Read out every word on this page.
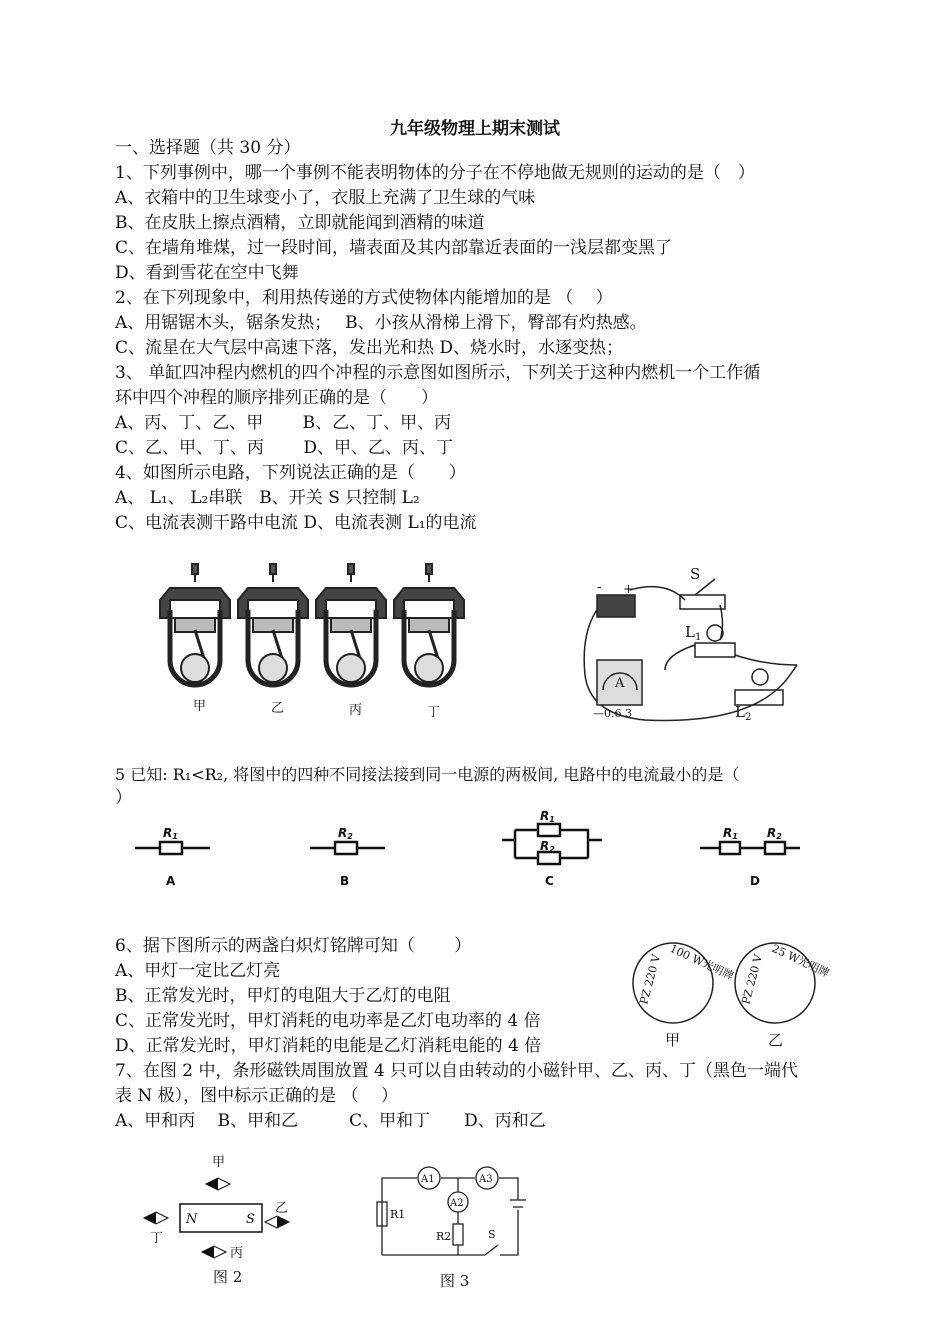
九年级物理上期末测试
一、选择题（共 30 分）
1、下列事例中，哪一个事例不能表明物体的分子在不停地做无规则的运动的是（　）
A、衣箱中的卫生球变小了，衣服上充满了卫生球的气味
B、在皮肤上擦点酒精，立即就能闻到酒精的味道
C、在墙角堆煤，过一段时间，墙表面及其内部靠近表面的一浅层都变黑了
D、看到雪花在空中飞舞
2、在下列现象中，利用热传递的方式使物体内能增加的是 （　 ）
A、用锯锯木头，锯条发热；　 B、小孩从滑梯上滑下，臀部有灼热感。
C、流星在大气层中高速下落，发出光和热 D、烧水时，水逐变热；
3、 单缸四冲程内燃机的四个冲程的示意图如图所示，下列关于这种内燃机一个工作循
环中四个冲程的顺序排列正确的是（　　）
A、丙、丁、乙、甲　　 B、乙、丁、甲、丙
C、乙、甲、丁、丙　　 D、甲、乙、丙、丁
4、如图所示电路，下列说法正确的是（　　）
A、 L₁、 L₂串联　B、开关 S 只控制 L₂
C、电流表测干路中电流 D、电流表测 L₁的电流
甲	乙	丙	丁
- +
S
$L_1$
$L_2$
A
—0.6 3
5 已知: R₁<R₂, 将图中的四种不同接法接到同一电源的两极间, 电路中的电流最小的是（
）
R1	R2
R1
R2
R1 R2
A	B	C	D
6、据下图所示的两盏白炽灯铭牌可知（　　 ）
A、甲灯一定比乙灯亮
B、正常发光时，甲灯的电阻大于乙灯的电阻
C、正常发光时，甲灯消耗的电功率是乙灯电功率的 4 倍
D、正常发光时，甲灯消耗的电能是乙灯消耗电能的 4 倍
PZ 220 V 100 W光明牌 PZ 220 V 25 W光明牌
甲	乙
7、在图 2 中，条形磁铁周围放置 4 只可以自由转动的小磁针甲、乙、丙、丁（黑色一端代
表 N 极），图中标示正确的是 （　 ）
A、甲和丙　 B、甲和乙　　　C、甲和丁　　D、丙和乙
N	S
甲
乙
丁
丙
图 2
A1	A3
A2
R1
R2	S
图 3
